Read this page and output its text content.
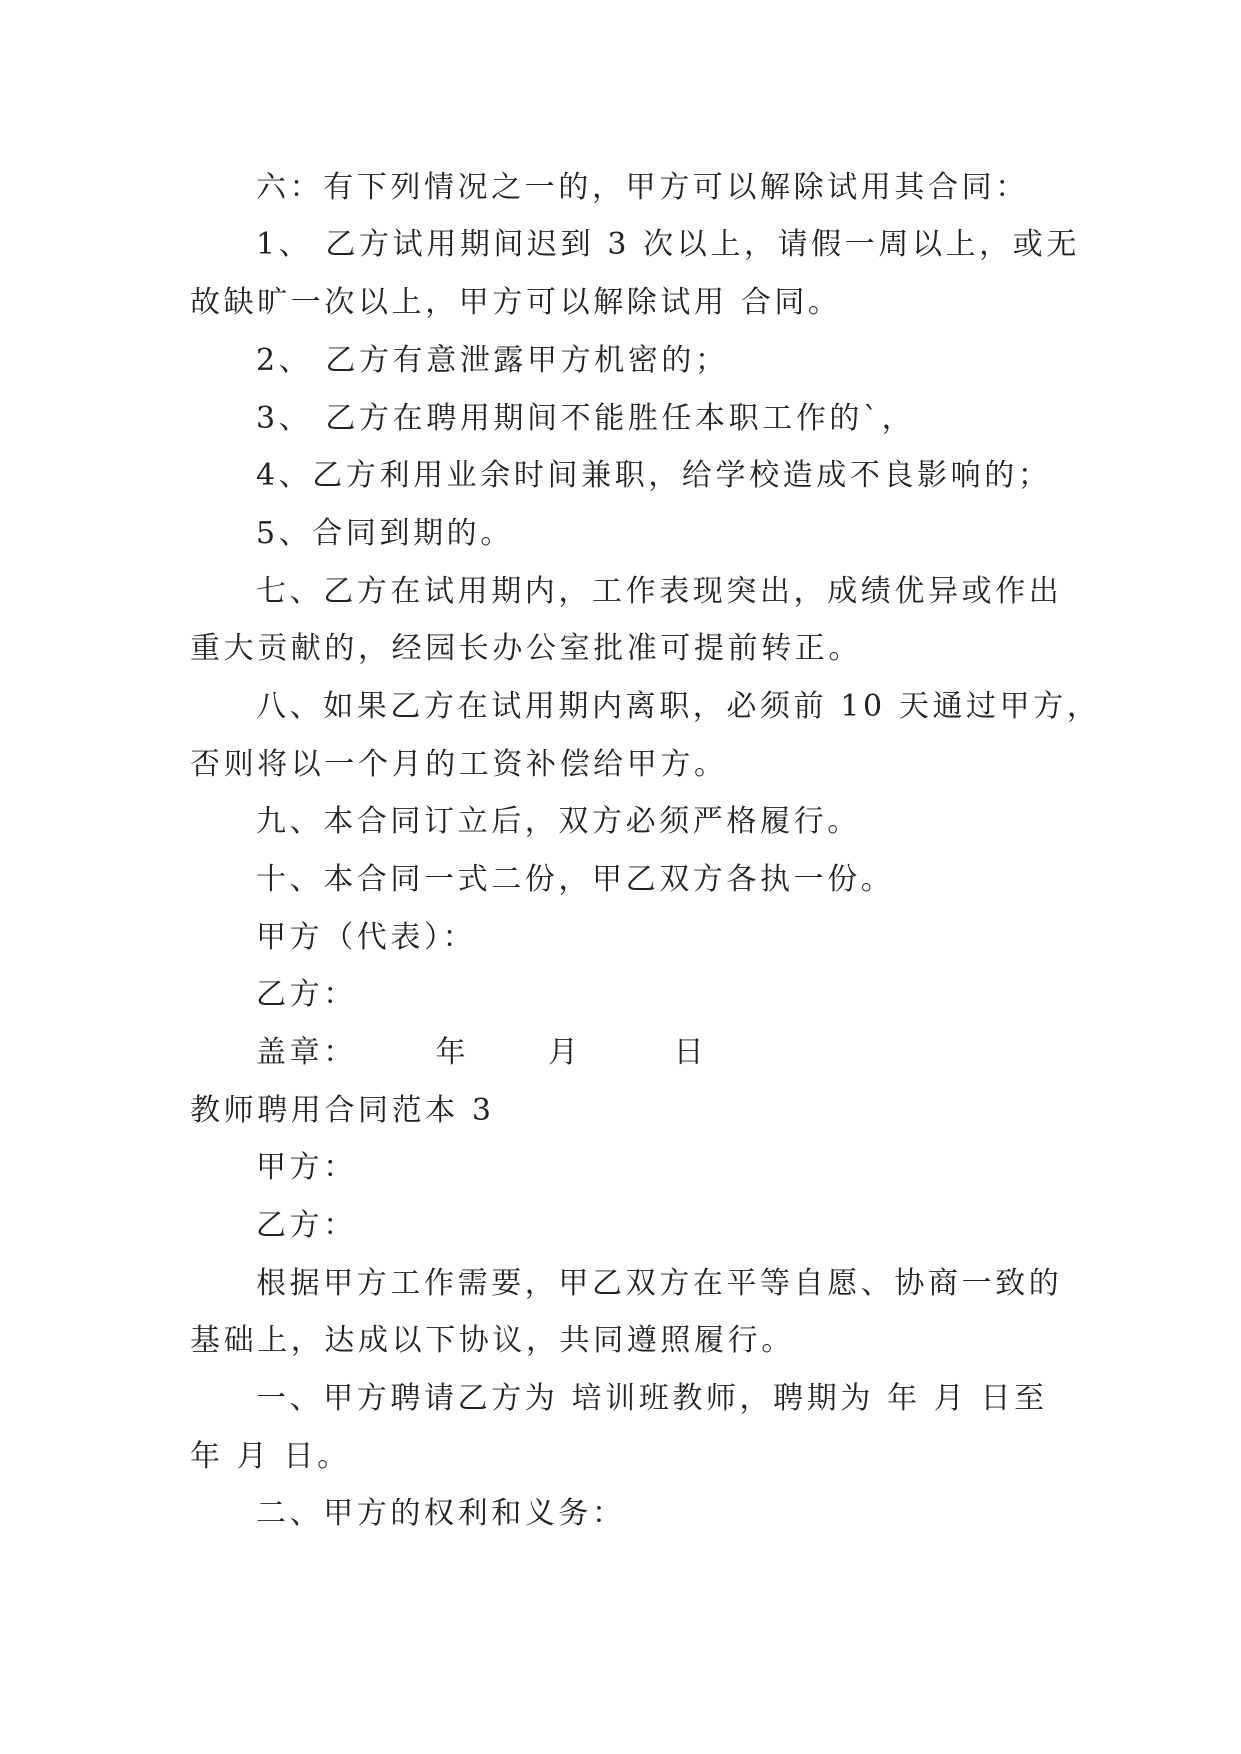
六：有下列情况之一的，甲方可以解除试用其合同：
1、 乙方试用期间迟到 3 次以上，请假一周以上，或无
故缺旷一次以上，甲方可以解除试用 合同。
2、 乙方有意泄露甲方机密的；
3、 乙方在聘用期间不能胜任本职工作的`，
4、乙方利用业余时间兼职，给学校造成不良影响的；
5、合同到期的。
七、乙方在试用期内，工作表现突出，成绩优异或作出
重大贡献的，经园长办公室批准可提前转正。
八、如果乙方在试用期内离职，必须前 10 天通过甲方，
否则将以一个月的工资补偿给甲方。
九、本合同订立后，双方必须严格履行。
十、本合同一式二份，甲乙双方各执一份。
甲方（代表）：
乙方：
盖章：      年      月       日
教师聘用合同范本 3
甲方：
乙方：
根据甲方工作需要，甲乙双方在平等自愿、协商一致的
基础上，达成以下协议，共同遵照履行。
一、甲方聘请乙方为 培训班教师，聘期为 年 月 日至
年 月 日。
二、甲方的权利和义务：
